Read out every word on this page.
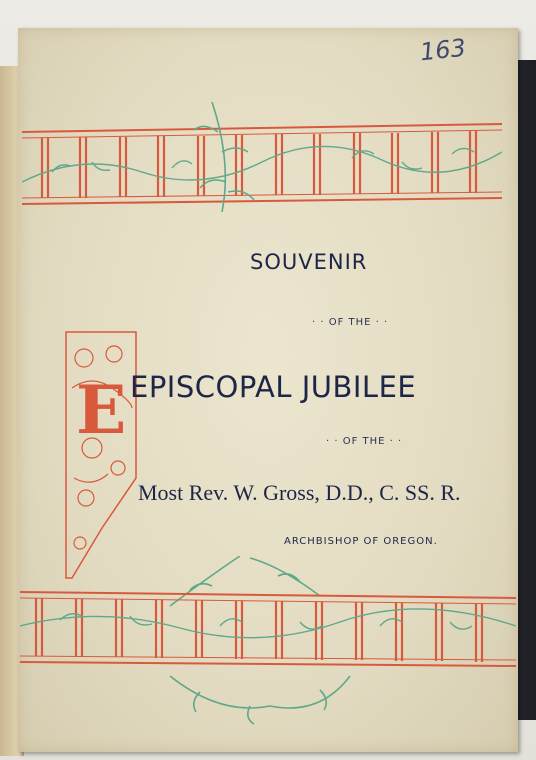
163
SOUVENIR
· · OF THE · ·
E EPISCOPAL JUBILEE
· · OF THE · ·
Most Rev. W. Gross, D.D., C. SS. R.
ARCHBISHOP OF OREGON.
